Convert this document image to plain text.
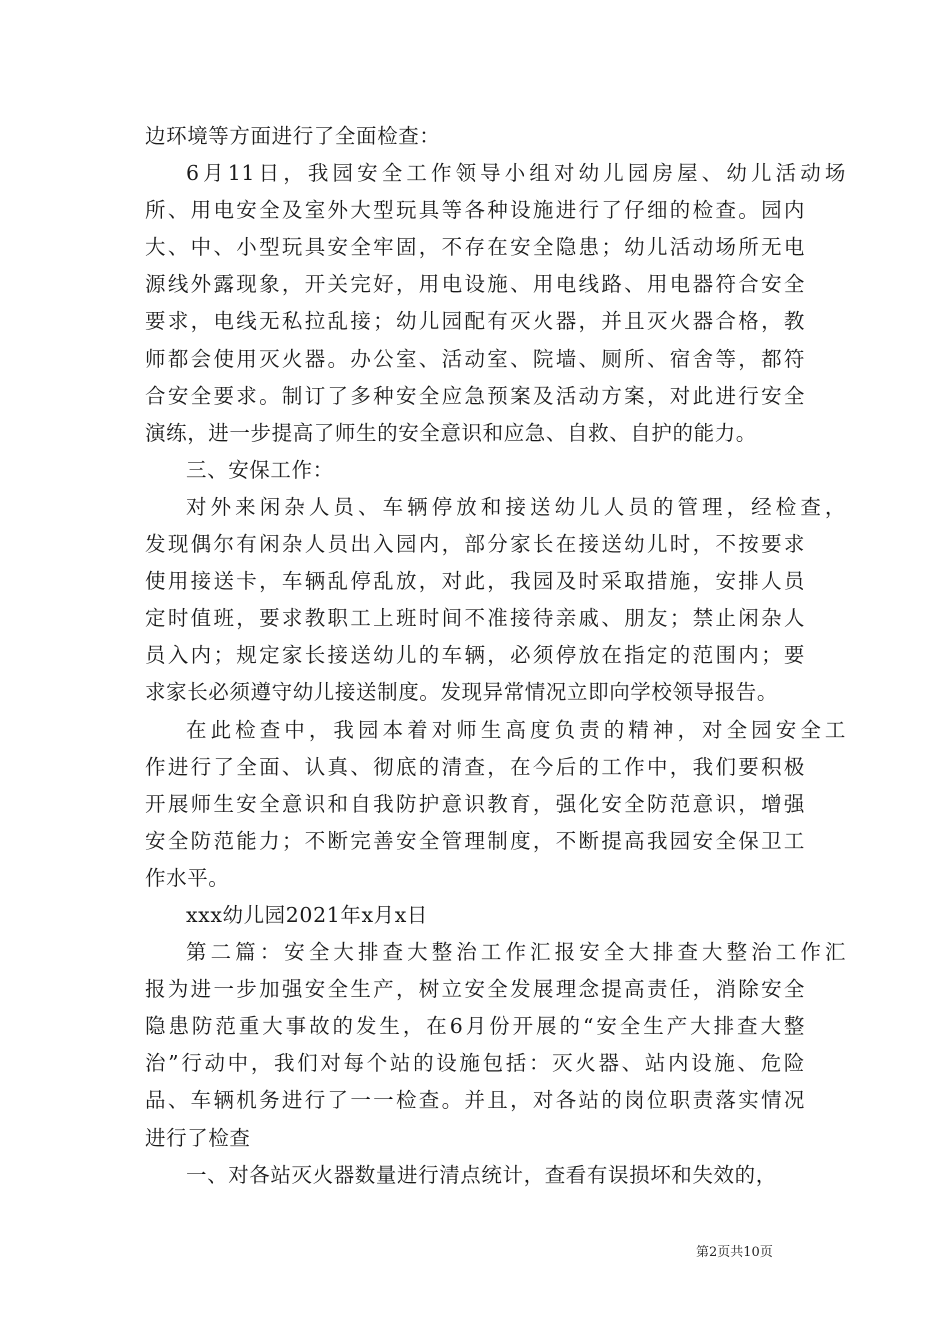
边环境等方面进行了全面检查：
6月11日，我园安全工作领导小组对幼儿园房屋、幼儿活动场
所、用电安全及室外大型玩具等各种设施进行了仔细的检查。园内
大、中、小型玩具安全牢固，不存在安全隐患；幼儿活动场所无电
源线外露现象，开关完好，用电设施、用电线路、用电器符合安全
要求，电线无私拉乱接；幼儿园配有灭火器，并且灭火器合格，教
师都会使用灭火器。办公室、活动室、院墙、厕所、宿舍等，都符
合安全要求。制订了多种安全应急预案及活动方案，对此进行安全
演练，进一步提高了师生的安全意识和应急、自救、自护的能力。
三、安保工作：
对外来闲杂人员、车辆停放和接送幼儿人员的管理，经检查，
发现偶尔有闲杂人员出入园内，部分家长在接送幼儿时，不按要求
使用接送卡，车辆乱停乱放，对此，我园及时采取措施，安排人员
定时值班，要求教职工上班时间不准接待亲戚、朋友；禁止闲杂人
员入内；规定家长接送幼儿的车辆，必须停放在指定的范围内；要
求家长必须遵守幼儿接送制度。发现异常情况立即向学校领导报告。
在此检查中，我园本着对师生高度负责的精神，对全园安全工
作进行了全面、认真、彻底的清查，在今后的工作中，我们要积极
开展师生安全意识和自我防护意识教育，强化安全防范意识，增强
安全防范能力；不断完善安全管理制度，不断提高我园安全保卫工
作水平。
xxx幼儿园2021年x月x日
第二篇：安全大排查大整治工作汇报安全大排查大整治工作汇
报为进一步加强安全生产，树立安全发展理念提高责任，消除安全
隐患防范重大事故的发生，在6月份开展的“安全生产大排查大整
治”行动中，我们对每个站的设施包括：灭火器、站内设施、危险
品、车辆机务进行了一一检查。并且，对各站的岗位职责落实情况
进行了检查
一、对各站灭火器数量进行清点统计，查看有误损坏和失效的，
第2页共10页
